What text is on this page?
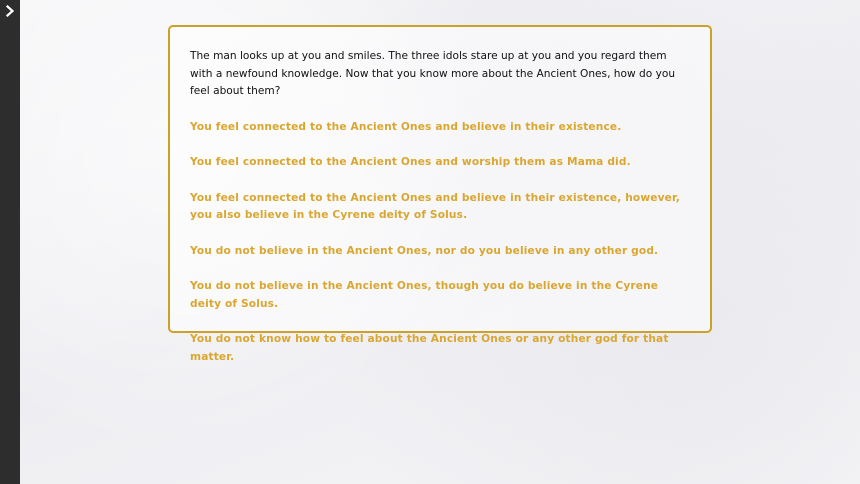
The man looks up at you and smiles. The three idols stare up at you and you regard them with a newfound knowledge. Now that you know more about the Ancient Ones, how do you feel about them?

You feel connected to the Ancient Ones and believe in their existence.
You feel connected to the Ancient Ones and worship them as Mama did.
You feel connected to the Ancient Ones and believe in their existence, however, you also believe in the Cyrene deity of Solus.
You do not believe in the Ancient Ones, nor do you believe in any other god.
You do not believe in the Ancient Ones, though you do believe in the Cyrene deity of Solus.
You do not know how to feel about the Ancient Ones or any other god for that matter.
